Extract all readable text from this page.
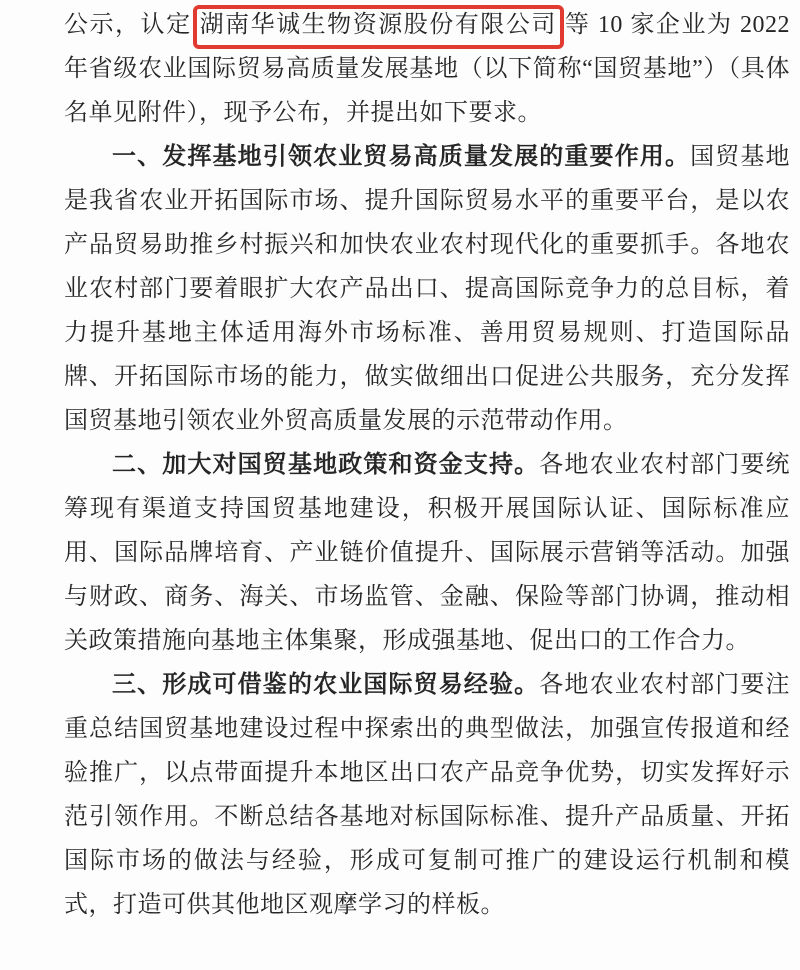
公示，认定 湖南华诚生物资源股份有限公司 等 10 家企业为 2022 年省级农业国际贸易高质量发展基地（以下简称“国贸基地”）（具体名单见附件），现予公布，并提出如下要求。

一、发挥基地引领农业贸易高质量发展的重要作用。国贸基地是我省农业开拓国际市场、提升国际贸易水平的重要平台，是以农产品贸易助推乡村振兴和加快农业农村现代化的重要抓手。各地农业农村部门要着眼扩大农产品出口、提高国际竞争力的总目标，着力提升基地主体适用海外市场标准、善用贸易规则、打造国际品牌、开拓国际市场的能力，做实做细出口促进公共服务，充分发挥国贸基地引领农业外贸高质量发展的示范带动作用。

二、加大对国贸基地政策和资金支持。各地农业农村部门要统筹现有渠道支持国贸基地建设，积极开展国际认证、国际标准应用、国际品牌培育、产业链价值提升、国际展示营销等活动。加强与财政、商务、海关、市场监管、金融、保险等部门协调，推动相关政策措施向基地主体集聚，形成强基地、促出口的工作合力。

三、形成可借鉴的农业国际贸易经验。各地农业农村部门要注重总结国贸基地建设过程中探索出的典型做法，加强宣传报道和经验推广，以点带面提升本地区出口农产品竞争优势，切实发挥好示范引领作用。不断总结各基地对标国际标准、提升产品质量、开拓国际市场的做法与经验，形成可复制可推广的建设运行机制和模式，打造可供其他地区观摩学习的样板。
